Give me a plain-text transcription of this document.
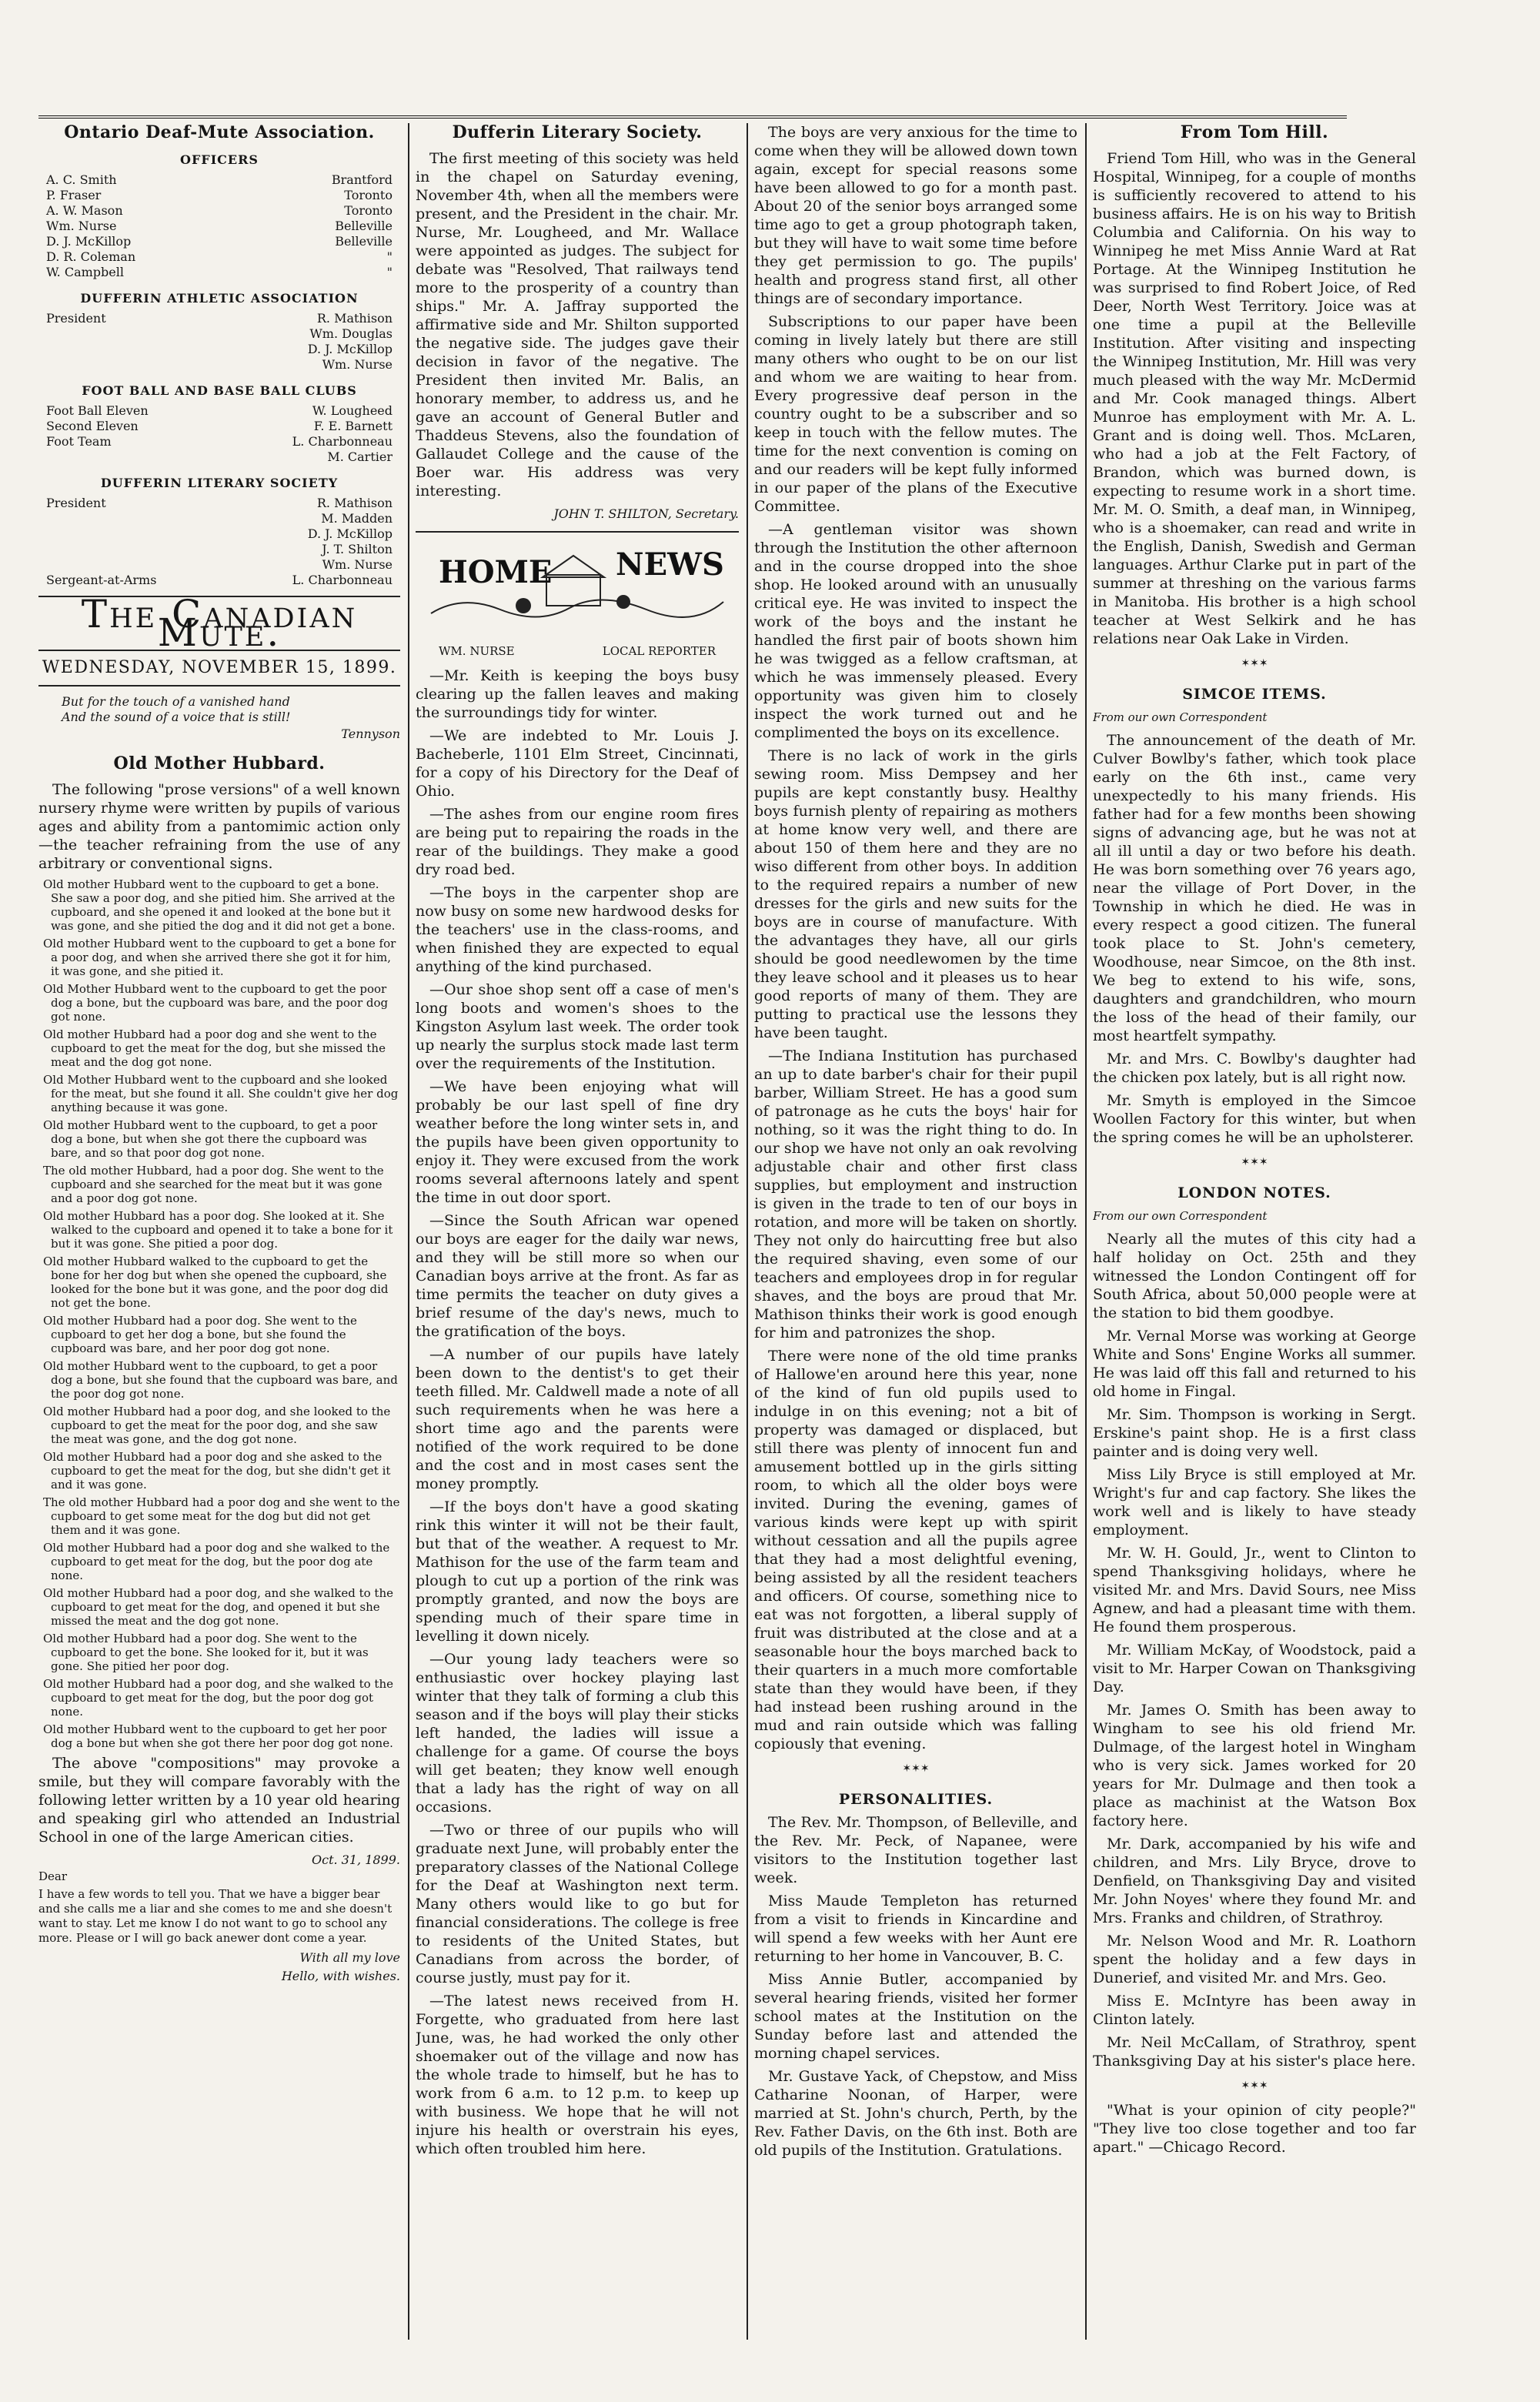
Ontario Deaf-Mute Association.
OFFICERS
A. C. Smith	Brantford
P. Fraser	Toronto
A. W. Mason	Toronto
Wm. Nurse	Belleville
D. J. McKillop	Belleville
D. R. Coleman	"
W. Campbell	"
DUFFERIN ATHLETIC ASSOCIATION
President	R. Mathison
Wm. Douglas
D. J. McKillop
Wm. Nurse
FOOT BALL AND BASE BALL CLUBS
Foot Ball Eleven	W. Lougheed
Second Eleven	F. E. Barnett
Foot Team	L. Charbonneau
M. Cartier
DUFFERIN LITERARY SOCIETY
President	R. Mathison
M. Madden
D. J. McKillop
J. T. Shilton
Wm. Nurse
Sergeant-at-Arms	L. Charbonneau
The Canadian Mute.
WEDNESDAY, NOVEMBER 15, 1899.
But for the touch of a vanished hand
And the sound of a voice that is still!
Tennyson
Old Mother Hubbard.

The following "prose versions" of a well known nursery rhyme were written by pupils of various ages and ability from a pantomimic action only—the teacher refraining from the use of any arbitrary or conventional signs.

Old mother Hubbard went to the cupboard to get a bone. She saw a poor dog, and she pitied him. She arrived at the cupboard, and she opened it and looked at the bone but it was gone, and she pitied the dog and it did not get a bone.

Old mother Hubbard went to the cupboard to get a bone for a poor dog, and when she arrived there she got it for him, it was gone, and she pitied it.

Old Mother Hubbard went to the cupboard to get the poor dog a bone, but the cupboard was bare, and the poor dog got none.

Old mother Hubbard had a poor dog and she went to the cupboard to get the meat for the dog, but she missed the meat and the dog got none.

Old Mother Hubbard went to the cupboard and she looked for the meat, but she found it all. She couldn't give her dog anything because it was gone.

Old mother Hubbard went to the cupboard, to get a poor dog a bone, but when she got there the cupboard was bare, and so that poor dog got none.

The old mother Hubbard, had a poor dog. She went to the cupboard and she searched for the meat but it was gone and a poor dog got none.

Old mother Hubbard has a poor dog. She looked at it. She walked to the cupboard and opened it to take a bone for it but it was gone. She pitied a poor dog.

Old mother Hubbard walked to the cupboard to get the bone for her dog but when she opened the cupboard, she looked for the bone but it was gone, and the poor dog did not get the bone.

Old mother Hubbard had a poor dog. She went to the cupboard to get her dog a bone, but she found the cupboard was bare, and her poor dog got none.

Old mother Hubbard went to the cupboard, to get a poor dog a bone, but she found that the cupboard was bare, and the poor dog got none.

Old mother Hubbard had a poor dog, and she looked to the cupboard to get the meat for the poor dog, and she saw the meat was gone, and the dog got none.

Old mother Hubbard had a poor dog and she asked to the cupboard to get the meat for the dog, but she didn't get it and it was gone.

The old mother Hubbard had a poor dog and she went to the cupboard to get some meat for the dog but did not get them and it was gone.

Old mother Hubbard had a poor dog and she walked to the cupboard to get meat for the dog, but the poor dog ate none.

Old mother Hubbard had a poor dog, and she walked to the cupboard to get meat for the dog, and opened it but she missed the meat and the dog got none.

Old mother Hubbard had a poor dog. She went to the cupboard to get the bone. She looked for it, but it was gone. She pitied her poor dog.

Old mother Hubbard had a poor dog, and she walked to the cupboard to get meat for the dog, but the poor dog got none.

Old mother Hubbard went to the cupboard to get her poor dog a bone but when she got there her poor dog got none.

The above "compositions" may provoke a smile, but they will compare favorably with the following letter written by a 10 year old hearing and speaking girl who attended an Industrial School in one of the large American cities.

Oct. 31, 1899.
Dear
I have a few words to tell you. That we have a bigger bear and she calls me a liar and she comes to me and she doesn't want to stay. Let me know I do not want to go to school any more. Please or I will go back anewer dont come a year.
With all my love
Hello, with wishes.
Dufferin Literary Society.

The first meeting of this society was held in the chapel on Saturday evening, November 4th, when all the members were present, and the President in the chair. Mr. Nurse, Mr. Lougheed, and Mr. Wallace were appointed as judges. The subject for debate was "Resolved, That railways tend more to the prosperity of a country than ships." Mr. A. Jaffray supported the affirmative side and Mr. Shilton supported the negative side. The judges gave their decision in favor of the negative. The President then invited Mr. Balis, an honorary member, to address us, and he gave an account of General Butler and Thaddeus Stevens, also the foundation of Gallaudet College and the cause of the Boer war. His address was very interesting.

JOHN T. SHILTON, Secretary.
HOME NEWS
WM. NURSE	LOCAL REPORTER

—Mr. Keith is keeping the boys busy clearing up the fallen leaves and making the surroundings tidy for winter.

—We are indebted to Mr. Louis J. Bacheberle, 1101 Elm Street, Cincinnati, for a copy of his Directory for the Deaf of Ohio.

—The ashes from our engine room fires are being put to repairing the roads in the rear of the buildings. They make a good dry road bed.

—The boys in the carpenter shop are now busy on some new hardwood desks for the teachers' use in the class-rooms, and when finished they are expected to equal anything of the kind purchased.

—Our shoe shop sent off a case of men's long boots and women's shoes to the Kingston Asylum last week. The order took up nearly the surplus stock made last term over the requirements of the Institution.

—We have been enjoying what will probably be our last spell of fine dry weather before the long winter sets in, and the pupils have been given opportunity to enjoy it. They were excused from the work rooms several afternoons lately and spent the time in out door sport.

—Since the South African war opened our boys are eager for the daily war news, and they will be still more so when our Canadian boys arrive at the front. As far as time permits the teacher on duty gives a brief resume of the day's news, much to the gratification of the boys.

—A number of our pupils have lately been down to the dentist's to get their teeth filled. Mr. Caldwell made a note of all such requirements when he was here a short time ago and the parents were notified of the work required to be done and the cost and in most cases sent the money promptly.

—If the boys don't have a good skating rink this winter it will not be their fault, but that of the weather. A request to Mr. Mathison for the use of the farm team and plough to cut up a portion of the rink was promptly granted, and now the boys are spending much of their spare time in levelling it down nicely.

—Our young lady teachers were so enthusiastic over hockey playing last winter that they talk of forming a club this season and if the boys will play their sticks left handed, the ladies will issue a challenge for a game. Of course the boys will get beaten; they know well enough that a lady has the right of way on all occasions.

—Two or three of our pupils who will graduate next June, will probably enter the preparatory classes of the National College for the Deaf at Washington next term. Many others would like to go but for financial considerations. The college is free to residents of the United States, but Canadians from across the border, of course justly, must pay for it.

—The latest news received from H. Forgette, who graduated from here last June, was, he had worked the only other shoemaker out of the village and now has the whole trade to himself, but he has to work from 6 a.m. to 12 p.m. to keep up with business. We hope that he will not injure his health or overstrain his eyes, which often troubled him here.

The boys are very anxious for the time to come when they will be allowed down town again, except for special reasons some have been allowed to go for a month past. About 20 of the senior boys arranged some time ago to get a group photograph taken, but they will have to wait some time before they get permission to go. The pupils' health and progress stand first, all other things are of secondary importance.

Subscriptions to our paper have been coming in lively lately but there are still many others who ought to be on our list and whom we are waiting to hear from. Every progressive deaf person in the country ought to be a subscriber and so keep in touch with the fellow mutes. The time for the next convention is coming on and our readers will be kept fully informed in our paper of the plans of the Executive Committee.

—A gentleman visitor was shown through the Institution the other afternoon and in the course dropped into the shoe shop. He looked around with an unusually critical eye. He was invited to inspect the work of the boys and the instant he handled the first pair of boots shown him he was twigged as a fellow craftsman, at which he was immensely pleased. Every opportunity was given him to closely inspect the work turned out and he complimented the boys on its excellence.

There is no lack of work in the girls sewing room. Miss Dempsey and her pupils are kept constantly busy. Healthy boys furnish plenty of repairing as mothers at home know very well, and there are about 150 of them here and they are no wiso different from other boys. In addition to the required repairs a number of new dresses for the girls and new suits for the boys are in course of manufacture. With the advantages they have, all our girls should be good needlewomen by the time they leave school and it pleases us to hear good reports of many of them. They are putting to practical use the lessons they have been taught.

—The Indiana Institution has purchased an up to date barber's chair for their pupil barber, William Street. He has a good sum of patronage as he cuts the boys' hair for nothing, so it was the right thing to do. In our shop we have not only an oak revolving adjustable chair and other first class supplies, but employment and instruction is given in the trade to ten of our boys in rotation, and more will be taken on shortly. They not only do haircutting free but also the required shaving, even some of our teachers and employees drop in for regular shaves, and the boys are proud that Mr. Mathison thinks their work is good enough for him and patronizes the shop.

There were none of the old time pranks of Hallowe'en around here this year, none of the kind of fun old pupils used to indulge in on this evening; not a bit of property was damaged or displaced, but still there was plenty of innocent fun and amusement bottled up in the girls sitting room, to which all the older boys were invited. During the evening, games of various kinds were kept up with spirit without cessation and all the pupils agree that they had a most delightful evening, being assisted by all the resident teachers and officers. Of course, something nice to eat was not forgotten, a liberal supply of fruit was distributed at the close and at a seasonable hour the boys marched back to their quarters in a much more comfortable state than they would have been, if they had instead been rushing around in the mud and rain outside which was falling copiously that evening.

✶✶✶
PERSONALITIES.

The Rev. Mr. Thompson, of Belleville, and the Rev. Mr. Peck, of Napanee, were visitors to the Institution together last week.

Miss Maude Templeton has returned from a visit to friends in Kincardine and will spend a few weeks with her Aunt ere returning to her home in Vancouver, B. C.

Miss Annie Butler, accompanied by several hearing friends, visited her former school mates at the Institution on the Sunday before last and attended the morning chapel services.

Mr. Gustave Yack, of Chepstow, and Miss Catharine Noonan, of Harper, were married at St. John's church, Perth, by the Rev. Father Davis, on the 6th inst. Both are old pupils of the Institution. Gratulations.

From Tom Hill.

Friend Tom Hill, who was in the General Hospital, Winnipeg, for a couple of months is sufficiently recovered to attend to his business affairs. He is on his way to British Columbia and California. On his way to Winnipeg he met Miss Annie Ward at Rat Portage. At the Winnipeg Institution he was surprised to find Robert Joice, of Red Deer, North West Territory. Joice was at one time a pupil at the Belleville Institution. After visiting and inspecting the Winnipeg Institution, Mr. Hill was very much pleased with the way Mr. McDermid and Mr. Cook managed things. Albert Munroe has employment with Mr. A. L. Grant and is doing well. Thos. McLaren, who had a job at the Felt Factory, of Brandon, which was burned down, is expecting to resume work in a short time. Mr. M. O. Smith, a deaf man, in Winnipeg, who is a shoemaker, can read and write in the English, Danish, Swedish and German languages. Arthur Clarke put in part of the summer at threshing on the various farms in Manitoba. His brother is a high school teacher at West Selkirk and he has relations near Oak Lake in Virden.

✶✶✶
SIMCOE ITEMS.
From our own Correspondent

The announcement of the death of Mr. Culver Bowlby's father, which took place early on the 6th inst., came very unexpectedly to his many friends. His father had for a few months been showing signs of advancing age, but he was not at all ill until a day or two before his death. He was born something over 76 years ago, near the village of Port Dover, in the Township in which he died. He was in every respect a good citizen. The funeral took place to St. John's cemetery, Woodhouse, near Simcoe, on the 8th inst. We beg to extend to his wife, sons, daughters and grandchildren, who mourn the loss of the head of their family, our most heartfelt sympathy.

Mr. and Mrs. C. Bowlby's daughter had the chicken pox lately, but is all right now.

Mr. Smyth is employed in the Simcoe Woollen Factory for this winter, but when the spring comes he will be an upholsterer.

✶✶✶
LONDON NOTES.
From our own Correspondent

Nearly all the mutes of this city had a half holiday on Oct. 25th and they witnessed the London Contingent off for South Africa, about 50,000 people were at the station to bid them goodbye.

Mr. Vernal Morse was working at George White and Sons' Engine Works all summer. He was laid off this fall and returned to his old home in Fingal.

Mr. Sim. Thompson is working in Sergt. Erskine's paint shop. He is a first class painter and is doing very well.

Miss Lily Bryce is still employed at Mr. Wright's fur and cap factory. She likes the work well and is likely to have steady employment.

Mr. W. H. Gould, Jr., went to Clinton to spend Thanksgiving holidays, where he visited Mr. and Mrs. David Sours, nee Miss Agnew, and had a pleasant time with them. He found them prosperous.

Mr. William McKay, of Woodstock, paid a visit to Mr. Harper Cowan on Thanksgiving Day.

Mr. James O. Smith has been away to Wingham to see his old friend Mr. Dulmage, of the largest hotel in Wingham who is very sick. James worked for 20 years for Mr. Dulmage and then took a place as machinist at the Watson Box factory here.

Mr. Dark, accompanied by his wife and children, and Mrs. Lily Bryce, drove to Denfield, on Thanksgiving Day and visited Mr. John Noyes' where they found Mr. and Mrs. Franks and children, of Strathroy.

Mr. Nelson Wood and Mr. R. Loathorn spent the holiday and a few days in Dunerief, and visited Mr. and Mrs. Geo.

Miss E. McIntyre has been away in Clinton lately.

Mr. Neil McCallam, of Strathroy, spent Thanksgiving Day at his sister's place here.

✶✶✶

"What is your opinion of city people?" "They live too close together and too far apart." —Chicago Record.
